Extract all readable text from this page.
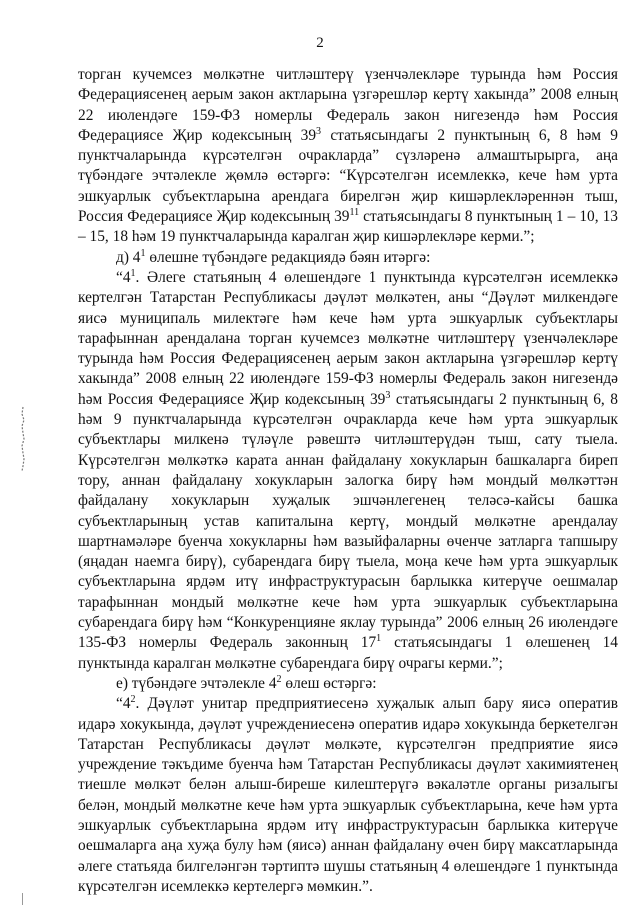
2

торган кучемсез мөлкәтне читләштерү үзенчәлекләре турында һәм Россия Федерациясенең аерым закон актларына үзгәрешләр кертү хакында” 2008 елның 22 июлендәге 159-ФЗ номерлы Федераль закон нигезендә һәм Россия Федерациясе Җир кодексының $39^3$ статьясындагы 2 пунктының 6, 8 һәм 9 пунктчаларында күрсәтелгән очракларда” сүзләренә алмаштырырга, аңа түбәндәге эчтәлекле җөмлә өстәргә: “Күрсәтелгән исемлеккә, кече һәм урта эшкуарлык субъектларына арендага бирелгән җир кишәрлекләреннән тыш, Россия Федерациясе Җир кодексының $39^{11}$ статьясындагы 8 пунктының 1 – 10, 13 – 15, 18 һәм 19 пунктчаларында каралган җир кишәрлекләре керми.”;

д) $4^1$ өлешне түбәндәге редакциядә бәян итәргә:

“$4^1$. Әлеге статьяның 4 өлешендәге 1 пунктында күрсәтелгән исемлеккә кертелгән Татарстан Республикасы дәүләт мөлкәтен, аны “Дәүләт милкендәге яисә муниципаль милектәге һәм кече һәм урта эшкуарлык субъектлары тарафыннан арендалана торган кучемсез мөлкәтне читләштерү үзенчәлекләре турында һәм Россия Федерациясенең аерым закон актларына үзгәрешләр кертү хакында” 2008 елның 22 июлендәге 159-ФЗ номерлы Федераль закон нигезендә һәм Россия Федерациясе Җир кодексының $39^3$ статьясындагы 2 пунктының 6, 8 һәм 9 пунктчаларында күрсәтелгән очракларда кече һәм урта эшкуарлык субъектлары милкенә түләүле рәвештә читләштерүдән тыш, сату тыела. Күрсәтелгән мөлкәткә карата аннан файдалану хокукларын башкаларга биреп тору, аннан файдалану хокукларын залогка бирү һәм мондый мөлкәттән файдалану хокукларын хуҗалык эшчәнлегенең теләсә-кайсы башка субъектларының устав капиталына кертү, мондый мөлкәтне арендалау шартнамәләре буенча хокукларны һәм вазыйфаларны өченче затларга тапшыру (яңадан наемга бирү), субарендага бирү тыела, моңа кече һәм урта эшкуарлык субъектларына ярдәм итү инфраструктурасын барлыкка китерүче оешмалар тарафыннан мондый мөлкәтне кече һәм урта эшкуарлык субъектларына субарендага бирү һәм “Конкуренцияне яклау турында” 2006 елның 26 июлендәге 135-ФЗ номерлы Федераль законның $17^1$ статьясындагы 1 өлешенең 14 пунктында каралган мөлкәтне субарендага бирү очрагы керми.”;

е) түбәндәге эчтәлекле $4^2$ өлеш өстәргә:

“$4^2$. Дәүләт унитар предприятиесенә хуҗалык алып бару яисә оператив идарә хокукында, дәүләт учреждениесенә оператив идарә хокукында беркетелгән Татарстан Республикасы дәүләт мөлкәте, күрсәтелгән предприятие яисә учреждение тәкъдиме буенча һәм Татарстан Республикасы дәүләт хакимиятенең тиешле мөлкәт белән алыш-биреше килештерүгә вәкаләтле органы ризалыгы белән, мондый мөлкәтне кече һәм урта эшкуарлык субъектларына, кече һәм урта эшкуарлык субъектларына ярдәм итү инфраструктурасын барлыкка китерүче оешмаларга аңа хуҗа булу һәм (яисә) аннан файдалану өчен бирү максатларында әлеге статьяда билгеләнгән тәртиптә шушы статьяның 4 өлешендәге 1 пунктында күрсәтелгән исемлеккә кертелергә мөмкин.”.
